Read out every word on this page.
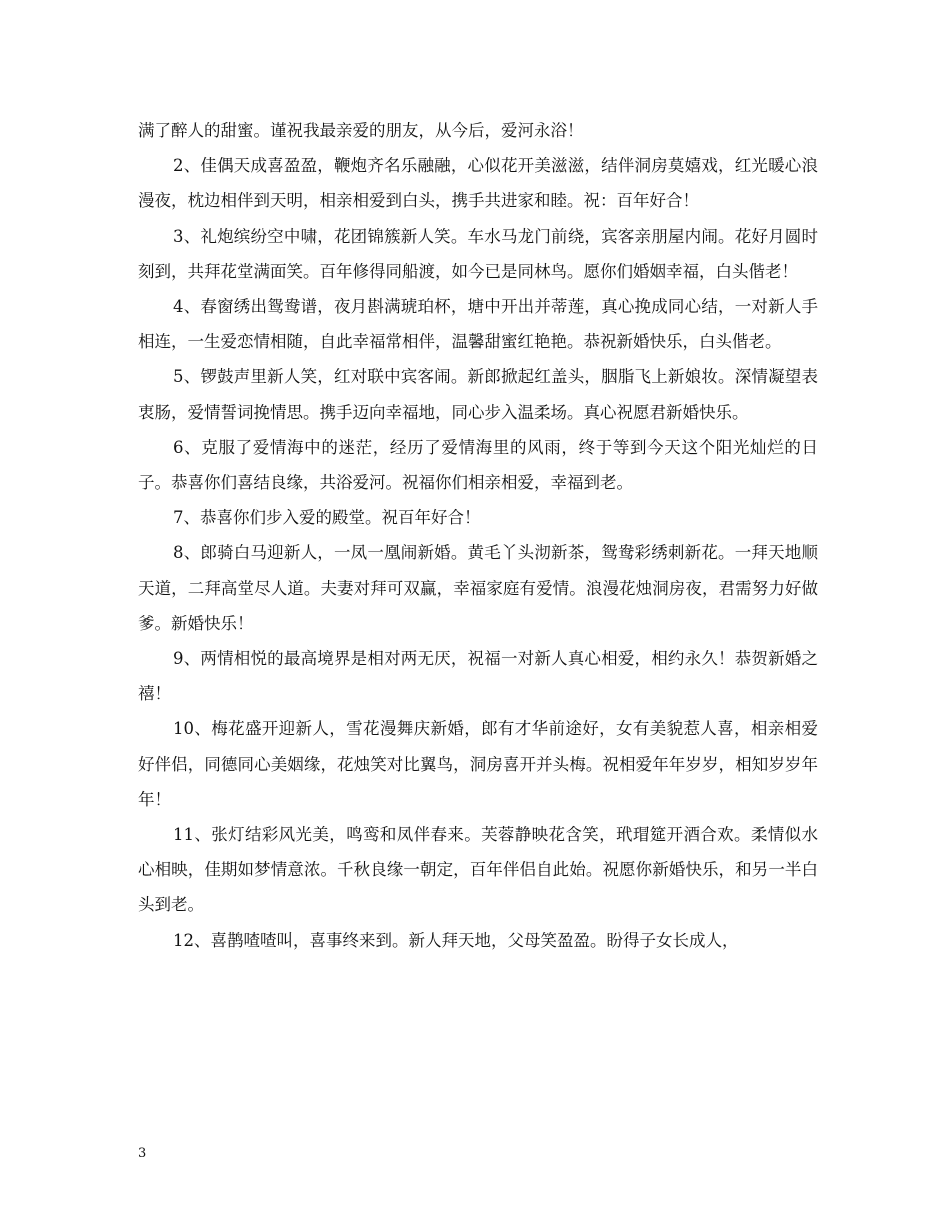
满了醉人的甜蜜。谨祝我最亲爱的朋友，从今后，爱河永浴！

2、佳偶天成喜盈盈，鞭炮齐名乐融融，心似花开美滋滋，结伴洞房莫嬉戏，红光暖心浪漫夜，枕边相伴到天明，相亲相爱到白头，携手共进家和睦。祝：百年好合！

3、礼炮缤纷空中啸，花团锦簇新人笑。车水马龙门前绕，宾客亲朋屋内闹。花好月圆时刻到，共拜花堂满面笑。百年修得同船渡，如今已是同林鸟。愿你们婚姻幸福，白头偕老！

4、春窗绣出鸳鸯谱，夜月斟满琥珀杯，塘中开出并蒂莲，真心挽成同心结，一对新人手相连，一生爱恋情相随，自此幸福常相伴，温馨甜蜜红艳艳。恭祝新婚快乐，白头偕老。

5、锣鼓声里新人笑，红对联中宾客闹。新郎掀起红盖头，胭脂飞上新娘妆。深情凝望表衷肠，爱情誓词挽情思。携手迈向幸福地，同心步入温柔场。真心祝愿君新婚快乐。

6、克服了爱情海中的迷茫，经历了爱情海里的风雨，终于等到今天这个阳光灿烂的日子。恭喜你们喜结良缘，共浴爱河。祝福你们相亲相爱，幸福到老。

7、恭喜你们步入爱的殿堂。祝百年好合！

8、郎骑白马迎新人，一凤一凰闹新婚。黄毛丫头沏新茶，鸳鸯彩绣刺新花。一拜天地顺天道，二拜高堂尽人道。夫妻对拜可双赢，幸福家庭有爱情。浪漫花烛洞房夜，君需努力好做爹。新婚快乐！

9、两情相悦的最高境界是相对两无厌，祝福一对新人真心相爱，相约永久！恭贺新婚之禧！

10、梅花盛开迎新人，雪花漫舞庆新婚，郎有才华前途好，女有美貌惹人喜，相亲相爱好伴侣，同德同心美姻缘，花烛笑对比翼鸟，洞房喜开并头梅。祝相爱年年岁岁，相知岁岁年年！

11、张灯结彩风光美，鸣鸾和凤伴春来。芙蓉静映花含笑，玳瑁筵开酒合欢。柔情似水心相映，佳期如梦情意浓。千秋良缘一朝定，百年伴侣自此始。祝愿你新婚快乐，和另一半白头到老。

12、喜鹊喳喳叫，喜事终来到。新人拜天地，父母笑盈盈。盼得子女长成人，

3
